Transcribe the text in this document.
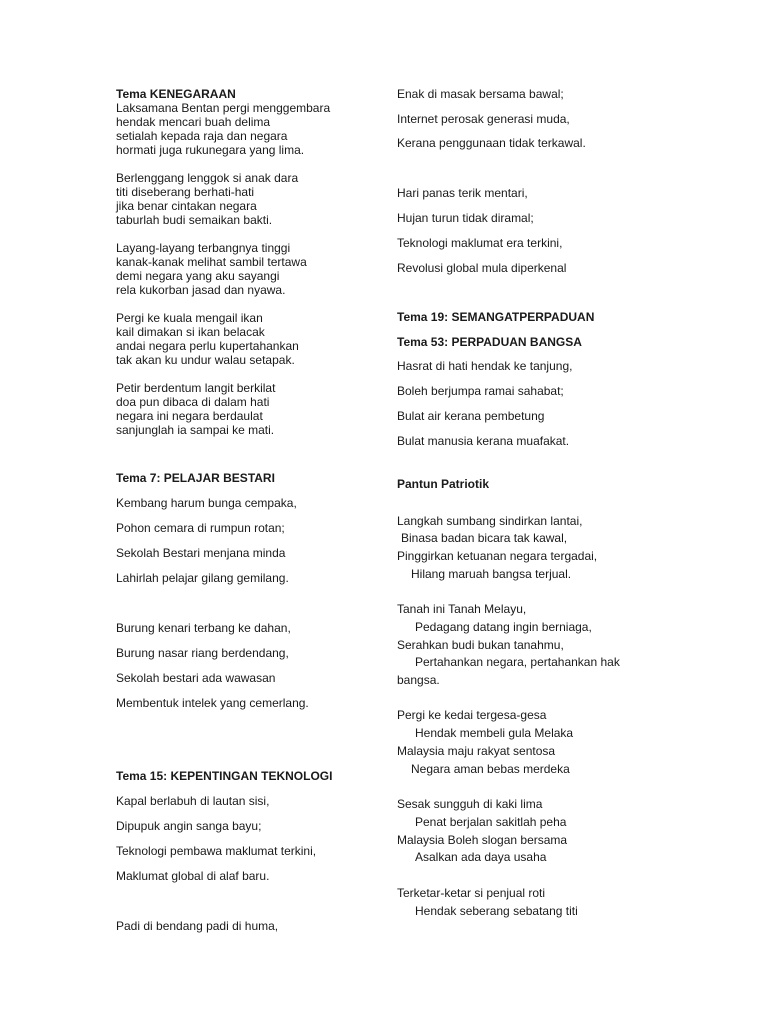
Tema KENEGARAAN
Laksamana Bentan pergi menggembara
hendak mencari buah delima
setialah kepada raja dan negara
hormati juga rukunegara yang lima.
Berlenggang lenggok si anak dara
titi diseberang berhati-hati
jika benar cintakan negara
taburlah budi semaikan bakti.
Layang-layang terbangnya tinggi
kanak-kanak melihat sambil tertawa
demi negara yang aku sayangi
rela kukorban jasad dan nyawa.
Pergi ke kuala mengail ikan
kail dimakan si ikan belacak
andai negara perlu kupertahankan
tak akan ku undur walau setapak.
Petir berdentum langit berkilat
doa pun dibaca di dalam hati
negara ini negara berdaulat
sanjunglah ia sampai ke mati.
Tema 7: PELAJAR BESTARI
Kembang harum bunga cempaka,
Pohon cemara di rumpun rotan;
Sekolah Bestari menjana minda
Lahirlah pelajar gilang gemilang.
Burung kenari terbang ke dahan,
Burung nasar riang berdendang,
Sekolah bestari ada wawasan
Membentuk intelek yang cemerlang.
Tema 15: KEPENTINGAN TEKNOLOGI
Kapal berlabuh di lautan sisi,
Dipupuk angin sanga bayu;
Teknologi pembawa maklumat terkini,
Maklumat global di alaf baru.
Padi di bendang padi di huma,
Enak di masak bersama bawal;
Internet perosak generasi muda,
Kerana penggunaan tidak terkawal.
Hari panas terik mentari,
Hujan turun tidak diramal;
Teknologi maklumat era terkini,
Revolusi global mula diperkenal
Tema 19: SEMANGATPERPADUAN
Tema 53: PERPADUAN BANGSA
Hasrat di hati hendak ke tanjung,
Boleh berjumpa ramai sahabat;
Bulat air kerana pembetung
Bulat manusia kerana muafakat.
Pantun Patriotik
Langkah sumbang sindirkan lantai,
Binasa badan bicara tak kawal,
Pinggirkan ketuanan negara tergadai,
Hilang maruah bangsa terjual.
Tanah ini Tanah Melayu,
Pedagang datang ingin berniaga,
Serahkan budi bukan tanahmu,
Pertahankan negara, pertahankan hak
bangsa.
Pergi ke kedai tergesa-gesa
Hendak membeli gula Melaka
Malaysia maju rakyat sentosa
Negara aman bebas merdeka
Sesak sungguh di kaki lima
Penat berjalan sakitlah peha
Malaysia Boleh slogan bersama
Asalkan ada daya usaha
Terketar-ketar si penjual roti
Hendak seberang sebatang titi
